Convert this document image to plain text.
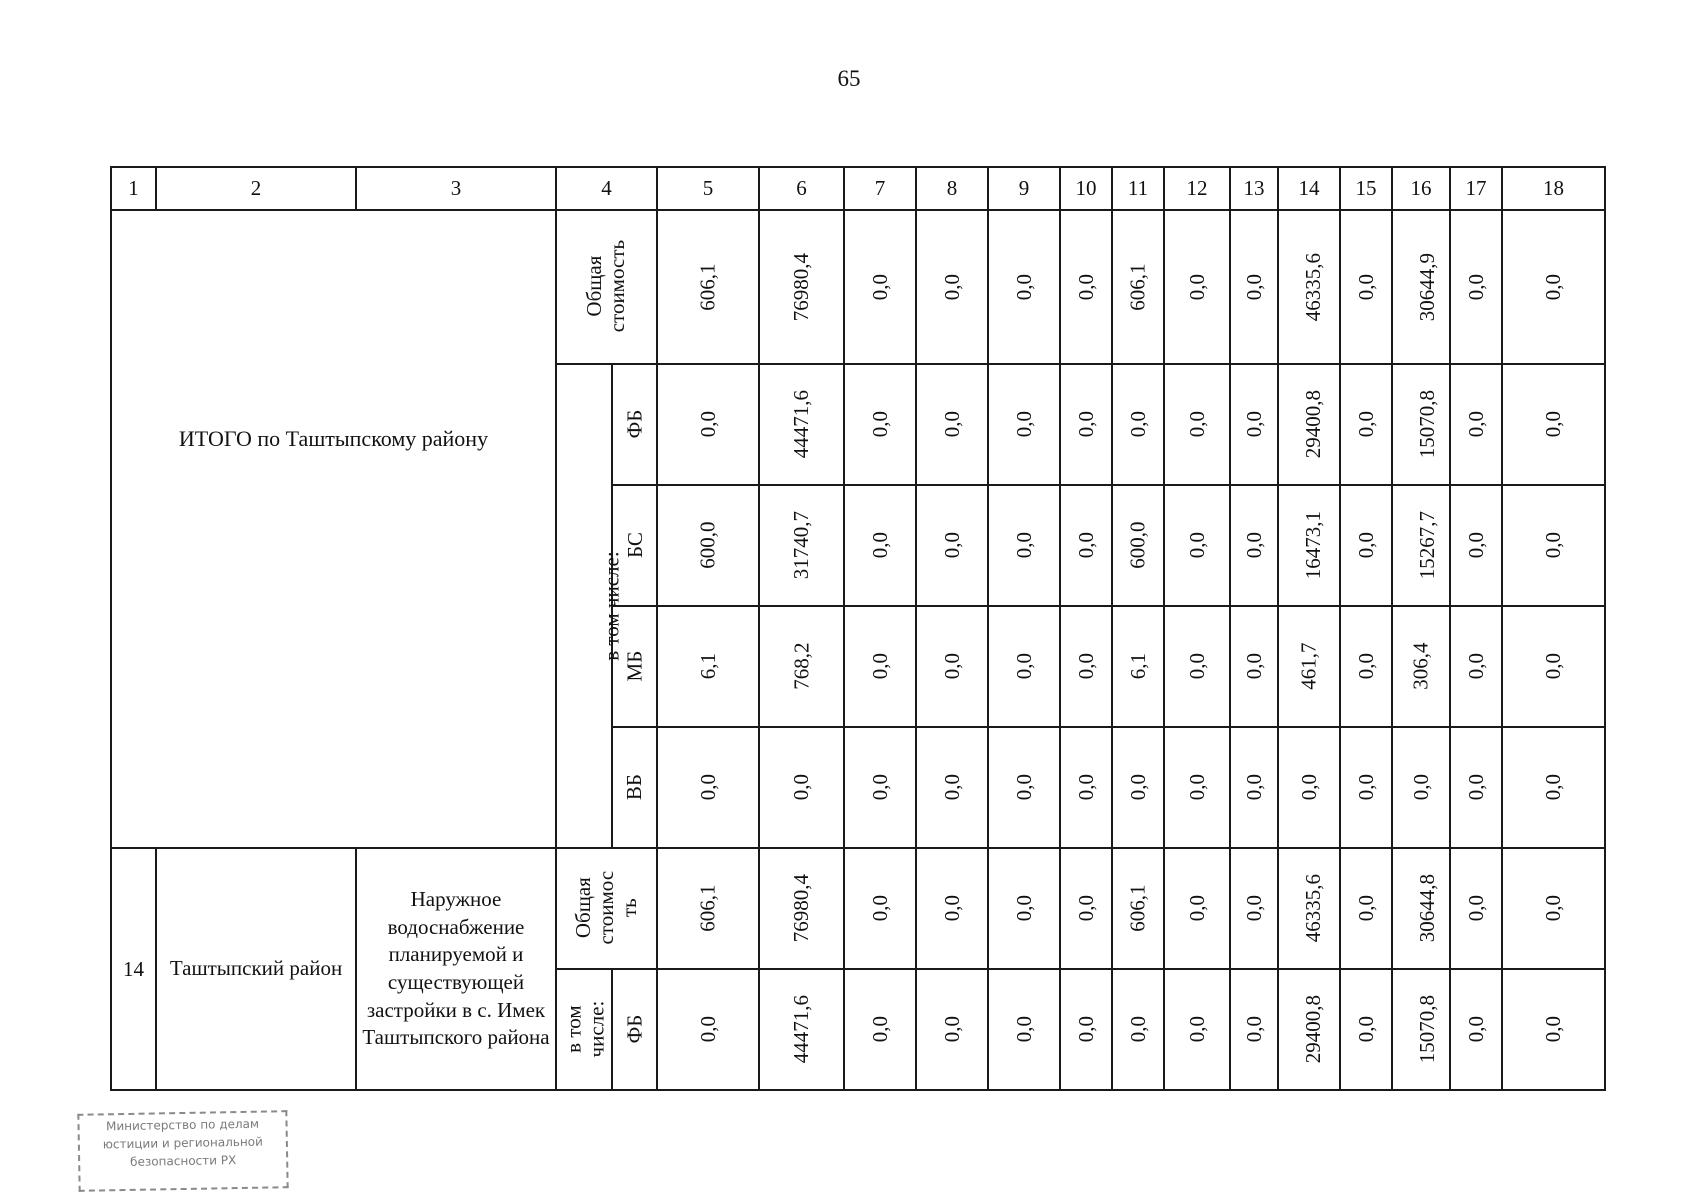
65
1	2	3	4		5	6	7	8	9	10	11	12	13	14	15	16	17	18
ИТОГО по Таштыпскому району			Общая
стоимость		606,1	76980,4	0,0	0,0	0,0	0,0	606,1	0,0	0,0	46335,6	0,0	30644,9	0,0	0,0
			в том числе:	ФБ	0,0	44471,6	0,0	0,0	0,0	0,0	0,0	0,0	0,0	29400,8	0,0	15070,8	0,0	0,0
				БС	600,0	31740,7	0,0	0,0	0,0	0,0	600,0	0,0	0,0	16473,1	0,0	15267,7	0,0	0,0
				МБ	6,1	768,2	0,0	0,0	0,0	0,0	6,1	0,0	0,0	461,7	0,0	306,4	0,0	0,0
				ВБ	0,0	0,0	0,0	0,0	0,0	0,0	0,0	0,0	0,0	0,0	0,0	0,0	0,0	0,0
14	Таштыпский район	Наружное водоснабжение планируемой и существующей застройки в с. Имек Таштыпского района	Общая
стоимос
ть		606,1	76980,4	0,0	0,0	0,0	0,0	606,1	0,0	0,0	46335,6	0,0	30644,8	0,0	0,0
			в том
числе:	ФБ	0,0	44471,6	0,0	0,0	0,0	0,0	0,0	0,0	0,0	29400,8	0,0	15070,8	0,0	0,0
Министерство по делам
юстиции и региональной
безопасности РХ
